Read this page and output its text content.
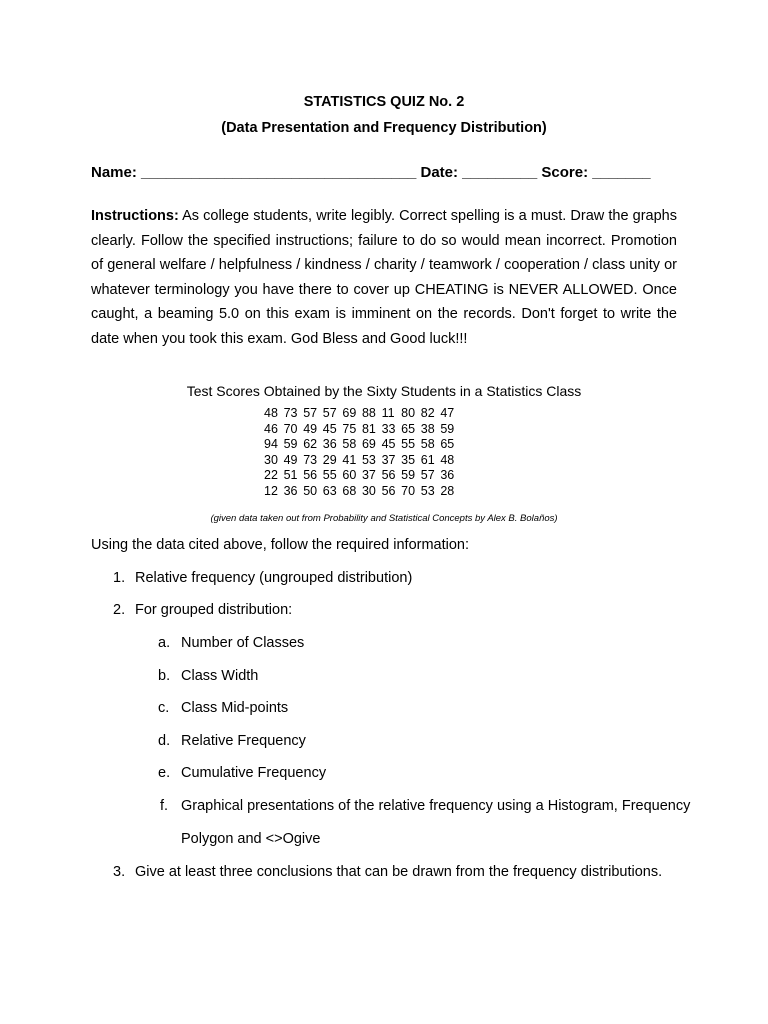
STATISTICS QUIZ No. 2
(Data Presentation and Frequency Distribution)
Name: _________________________________ Date: _________ Score: _______
Instructions: As college students, write legibly. Correct spelling is a must. Draw the graphs clearly. Follow the specified instructions; failure to do so would mean incorrect. Promotion of general welfare / helpfulness / kindness / charity / teamwork / cooperation / class unity or whatever terminology you have there to cover up CHEATING is NEVER ALLOWED. Once caught, a beaming 5.0 on this exam is imminent on the records. Don't forget to write the date when you took this exam. God Bless and Good luck!!!
Test Scores Obtained by the Sixty Students in a Statistics Class
48 73 57 57 69 88 11 80 82 47
46 70 49 45 75 81 33 65 38 59
94 59 62 36 58 69 45 55 58 65
30 49 73 29 41 53 37 35 61 48
22 51 56 55 60 37 56 59 57 36
12 36 50 63 68 30 56 70 53 28
(given data taken out from Probability and Statistical Concepts by Alex B. Bolaños)
Using the data cited above, follow the required information:
1. Relative frequency (ungrouped distribution)
2. For grouped distribution:
a. Number of Classes
b. Class Width
c. Class Mid-points
d. Relative Frequency
e. Cumulative Frequency
f. Graphical presentations of the relative frequency using a Histogram, Frequency
Polygon and <>Ogive
3. Give at least three conclusions that can be drawn from the frequency distributions.
